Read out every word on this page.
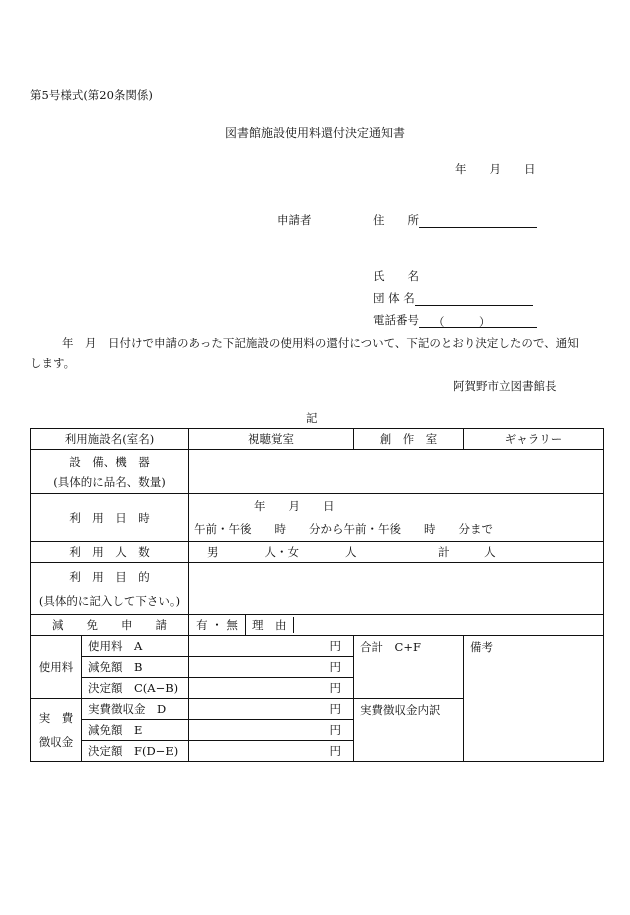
第5号様式(第20条関係)
図書館施設使用料還付決定通知書
年　　月　　日
申請者	住　　所
氏　　名
団 体 名
電話番号 （　　　）
年　月　日付けで申請のあった下記施設の使用料の還付について、下記のとおり決定したので、通知
します。
阿賀野市立図書館長
記
利用施設名(室名)		視聴覚室		創　作　室	ギャラリー

設　備、機　器
(具体的に品名、数量)					

利　用　日　時		年　　月　　日
午前・午後　　時　　分から午前・午後　　時　　分まで			

利　用　人　数		男　　　　人・女　　　　人 計　　　人			

利　用　目　的
(具体的に記入して下さい。)					

減　　免　　申　　請		有 ・ 無	理　由		
使用料	使用料　A	円		合計　C+F	備考
	減免額　B	円			
	決定額　C(A−B)	円			

実　費
徴収金	実費徴収金　D	円		実費徴収金内訳	
	減免額　E	円			
	決定額　F(D−E)	円			
